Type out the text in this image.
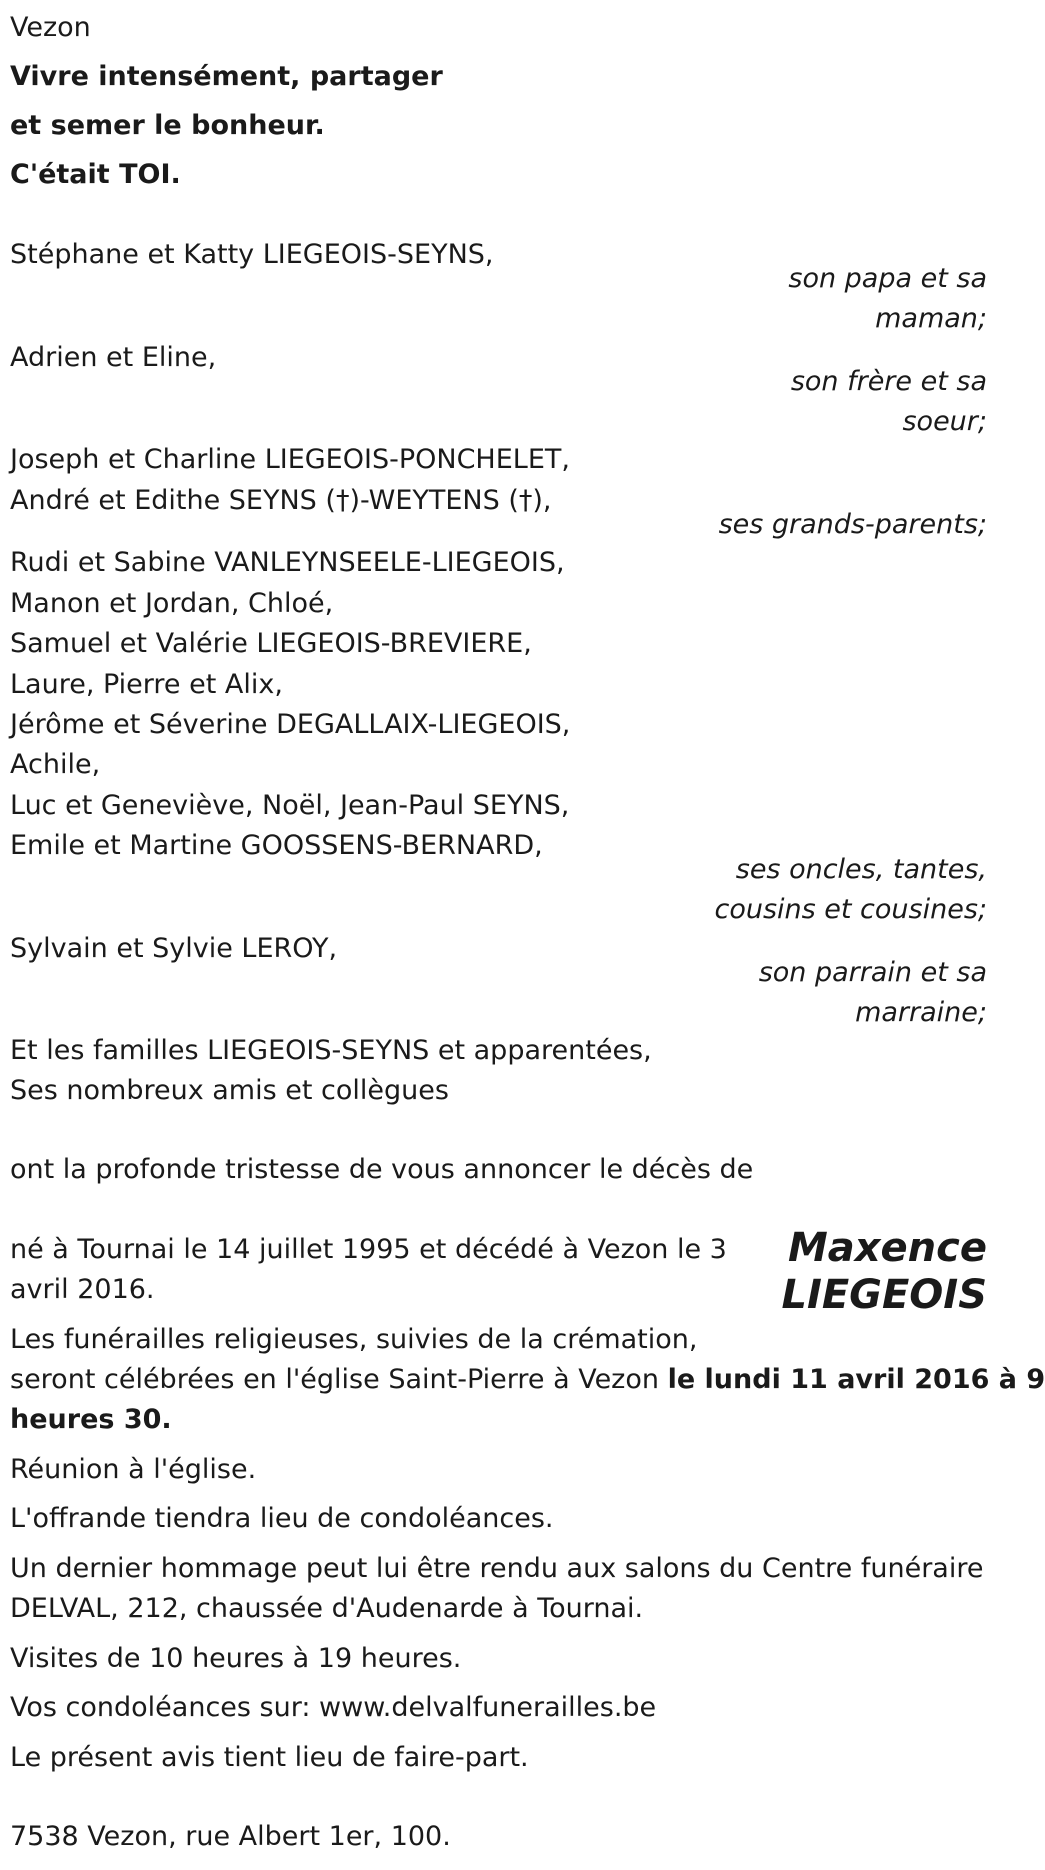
Vezon
Vivre intensément, partager
et semer le bonheur.
C'était TOI.
Stéphane et Katty LIEGEOIS-SEYNS,
son papa et sa
maman;
Adrien et Eline,
son frère et sa
soeur;
Joseph et Charline LIEGEOIS-PONCHELET,
André et Edithe SEYNS (†)-WEYTENS (†),
ses grands-parents;
Rudi et Sabine VANLEYNSEELE-LIEGEOIS,
Manon et Jordan, Chloé,
Samuel et Valérie LIEGEOIS-BREVIERE,
Laure, Pierre et Alix,
Jérôme et Séverine DEGALLAIX-LIEGEOIS,
Achile,
Luc et Geneviève, Noël, Jean-Paul SEYNS,
Emile et Martine GOOSSENS-BERNARD,
ses oncles, tantes,
cousins et cousines;
Sylvain et Sylvie LEROY,
son parrain et sa
marraine;
Et les familles LIEGEOIS-SEYNS et apparentées,
Ses nombreux amis et collègues
ont la profonde tristesse de vous annoncer le décès de
Maxence
LIEGEOIS
né à Tournai le 14 juillet 1995 et décédé à Vezon le 3
avril 2016.
Les funérailles religieuses, suivies de la crémation,
seront célébrées en l'église Saint-Pierre à Vezon le lundi 11 avril 2016 à 9
heures 30.
Réunion à l'église.
L'offrande tiendra lieu de condoléances.
Un dernier hommage peut lui être rendu aux salons du Centre funéraire
DELVAL, 212, chaussée d'Audenarde à Tournai.
Visites de 10 heures à 19 heures.
Vos condoléances sur: www.delvalfunerailles.be
Le présent avis tient lieu de faire-part.
7538 Vezon, rue Albert 1er, 100.
